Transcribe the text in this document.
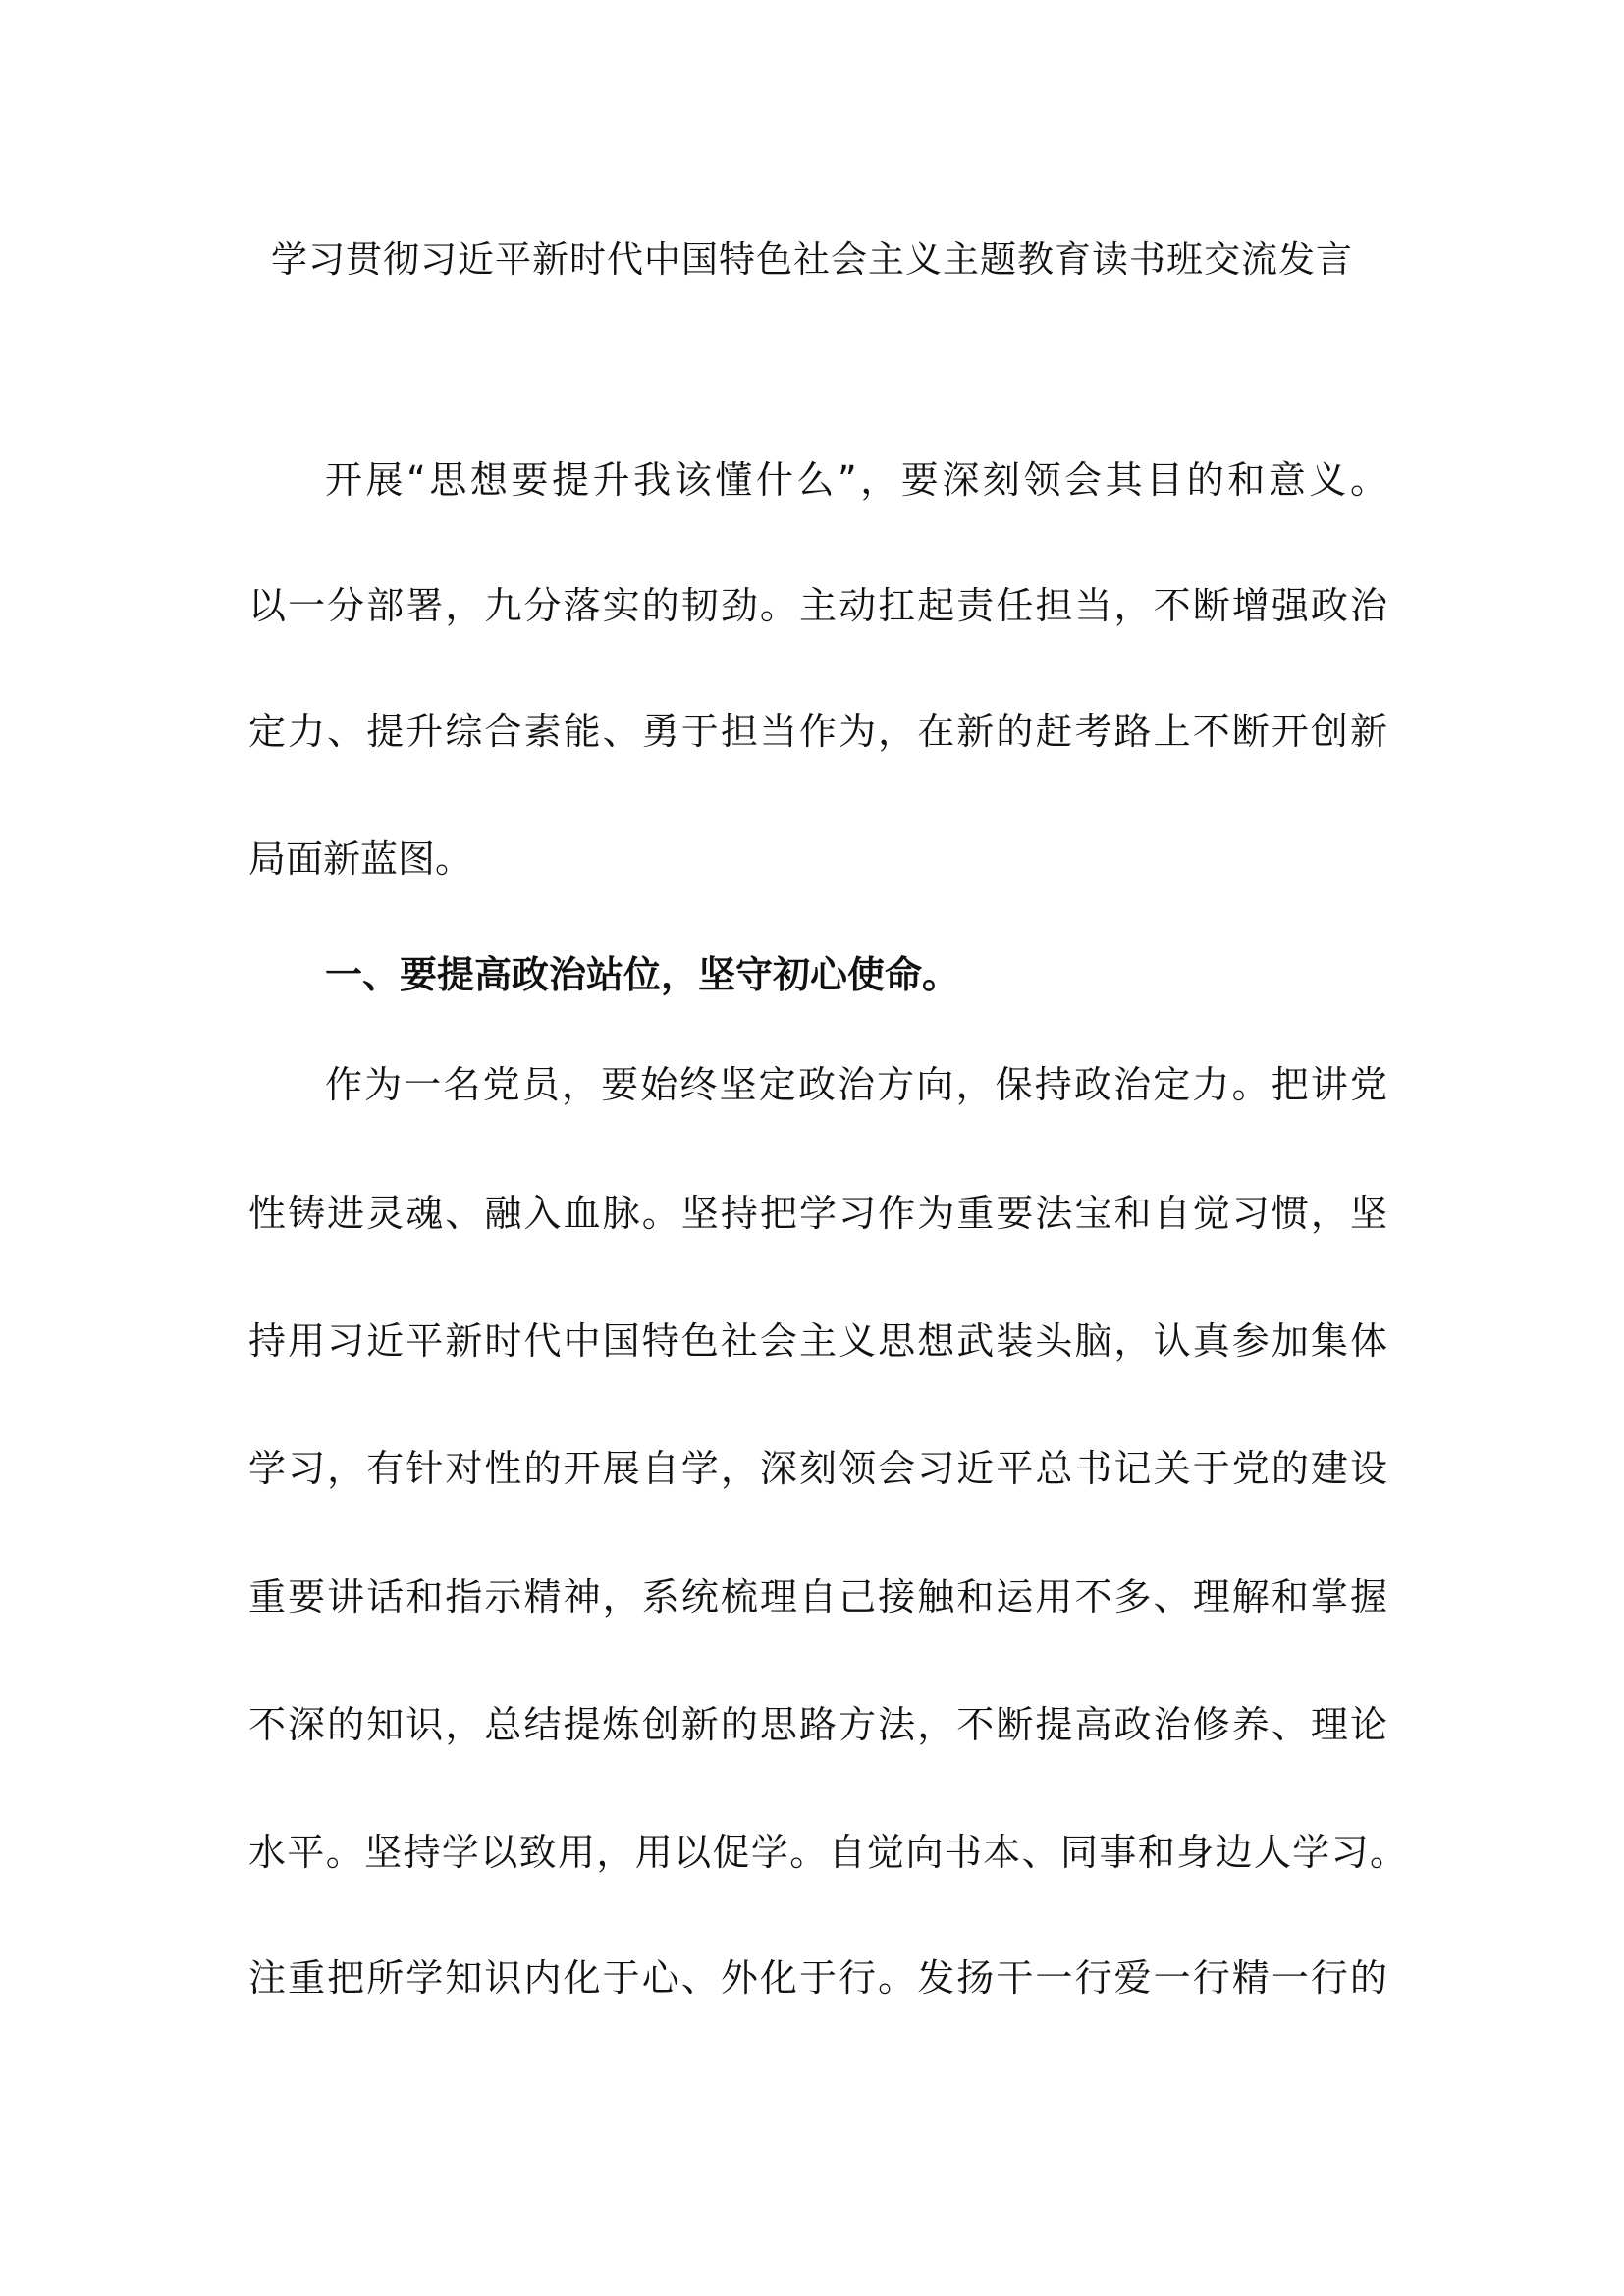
学习贯彻习近平新时代中国特色社会主义主题教育读书班交流发言
开展“思想要提升我该懂什么”，要深刻领会其目的和意义。
以一分部署，九分落实的韧劲。主动扛起责任担当，不断增强政治
定力、提升综合素能、勇于担当作为，在新的赶考路上不断开创新
局面新蓝图。
一、要提高政治站位，坚守初心使命。
作为一名党员，要始终坚定政治方向，保持政治定力。把讲党
性铸进灵魂、融入血脉。坚持把学习作为重要法宝和自觉习惯，坚
持用习近平新时代中国特色社会主义思想武装头脑，认真参加集体
学习，有针对性的开展自学，深刻领会习近平总书记关于党的建设
重要讲话和指示精神，系统梳理自己接触和运用不多、理解和掌握
不深的知识，总结提炼创新的思路方法，不断提高政治修养、理论
水平。坚持学以致用，用以促学。自觉向书本、同事和身边人学习。
注重把所学知识内化于心、外化于行。发扬干一行爱一行精一行的
